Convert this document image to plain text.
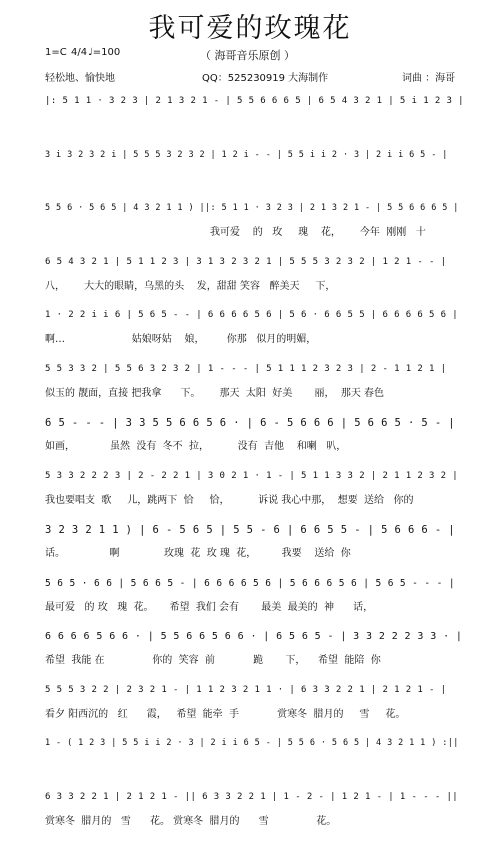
我可爱的玫瑰花
1=C 4/4 ♩=100	（ 海哥音乐原创 ）
轻松地、愉快地	QQ：525230919 大海制作	词曲 ：海哥
|: 5 1 1 · 3 2 3 | 2 1 3 2 1 - | 5 5 6 6 6 5 | 6 5 4 3 2 1 | 5 i 1 2 3 |
3 i 3 2 3 2 i | 5 5 5 3 2 3 2 | 1 2 i - - | 5 5 i i 2 · 3 | 2 i i 6 5 - |
5 5 6 · 5 6 5 | 4 3 2 1 1 ) ||: 5 1 1 · 3 2 3 | 2 1 3 2 1 - | 5 5 6 6 6 5 |
我可爱    的   玫     瑰    花，      今年  刚刚   十
6 5 4 3 2 1 | 5 1 1 2 3 | 3 1 3 2 3 2 1 | 5 5 5 3 2 3 2 | 1 2 1 - - |
八，      大大的眼睛，乌黑的头    发，甜甜 笑容   醉美天     下，
1 · 2 2 i i 6 | 5 6 5 - - | 6 6 6 6 5 6 | 5 6 · 6 6 5 5 | 6 6 6 6 5 6 |
啊…                     姑娘呀姑    娘，       你那   似月的明媚，
5 5 3 3 2 | 5 5 6 3 2 3 2 | 1 - - - | 5 1 1 1 2 3 2 3 | 2 - 1 1 2 1 |
似玉的 靓面，直接 把我拿      下。      那天  太阳  好美       丽，  那天 春色
6 5 - - - | 3 3 5 5 6 6 5 6 · | 6 - 5 6 6 6 | 5 6 6 5 · 5 - |
如画，           虽然  没有  冬不  拉，         没有  吉他    和喇   叭，
5 3 3 2 2 2 3 | 2 - 2 2 1 | 3 0 2 1 · 1 - | 5 1 1 3 3 2 | 2 1 1 2 3 2 |
我也要唱支  歌     儿，跳两下  恰     恰，         诉说 我心中那，  想要  送给   你的
3 2 3 2 1 1 ) | 6 - 5 6 5 | 5 5 - 6 | 6 6 5 5 - | 5 6 6 6 - |
话。              啊              玫瑰  花  玫 瑰  花，        我要    送给  你
5 6 5 · 6 6 | 5 6 6 5 - | 6 6 6 6 5 6 | 5 6 6 6 5 6 | 5 6 5 - - - |
最可爱   的 玫   瑰  花。     希望  我们 会有       最美  最美的  神      话，
6 6 6 6 5 6 6 · | 5 5 6 6 5 6 6 · | 6 5 6 5 - | 3 3 2 2 2 3 3 · |
希望  我能 在               你的  笑容  前            跪       下，    希望  能陪  你
5 5 5 3 2 2 | 2 3 2 1 - | 1 1 2 3 2 1 1 · | 6 3 3 2 2 1 | 2 1 2 1 - |
看夕 阳西沉的   红      霞，   希望  能牵  手            赏寒冬  腊月的     雪     花。
1 - ( 1 2 3 | 5 5 i i 2 · 3 | 2 i i 6 5 - | 5 5 6 · 5 6 5 | 4 3 2 1 1 ) :||
6 3 3 2 2 1 | 2 1 2 1 - || 6 3 3 2 2 1 | 1 - 2 - | 1 2 1 - | 1 - - - ||
赏寒冬  腊月的   雪      花。 赏寒冬  腊月的      雪               花。
